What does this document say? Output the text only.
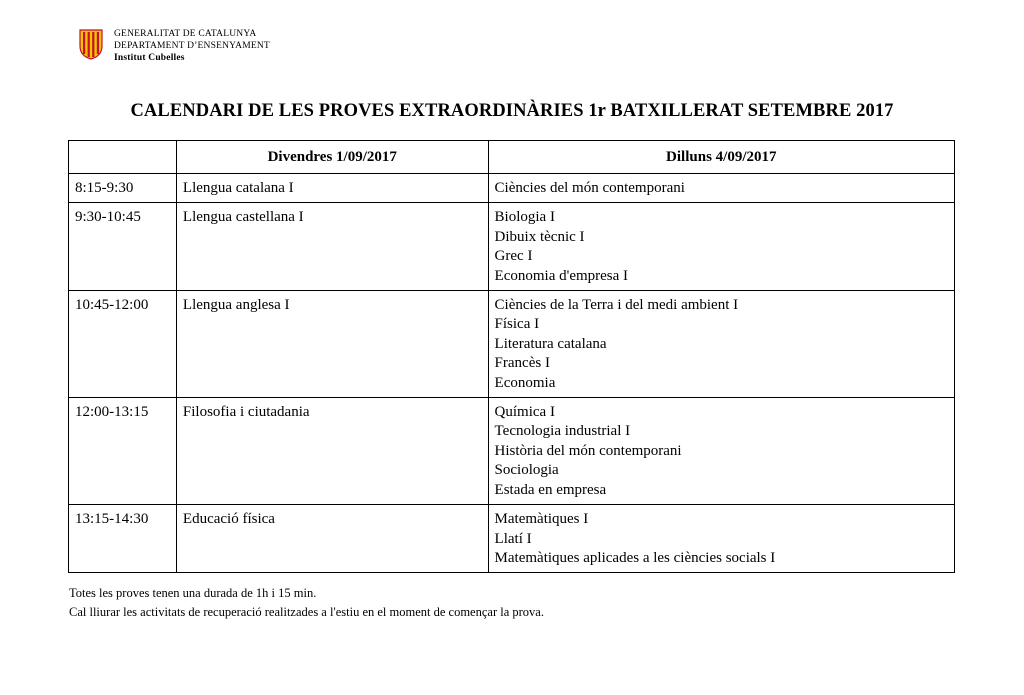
GENERALITAT DE CATALUNYA
DEPARTAMENT D’ENSENYAMENT
Institut Cubelles
CALENDARI DE LES PROVES EXTRAORDINÀRIES 1r BATXILLERAT SETEMBRE 2017
	Divendres 1/09/2017	Dilluns 4/09/2017
8:15-9:30	Llengua catalana I	Ciències del món contemporani

9:30-10:45	Llengua castellana I	Biologia I
Dibuix tècnic I
Grec I
Economia d'empresa I

10:45-12:00	Llengua anglesa I	Ciències de la Terra i del medi ambient I
Física I
Literatura catalana
Francès I
Economia

12:00-13:15	Filosofia i ciutadania	Química I
Tecnologia industrial I
Història del món contemporani
Sociologia
Estada en empresa

13:15-14:30	Educació física	Matemàtiques I
Llatí I
Matemàtiques aplicades a les ciències socials I
Totes les proves tenen una durada de 1h i 15 min.
Cal lliurar les activitats de recuperació realitzades a l'estiu en el moment de començar la prova.
